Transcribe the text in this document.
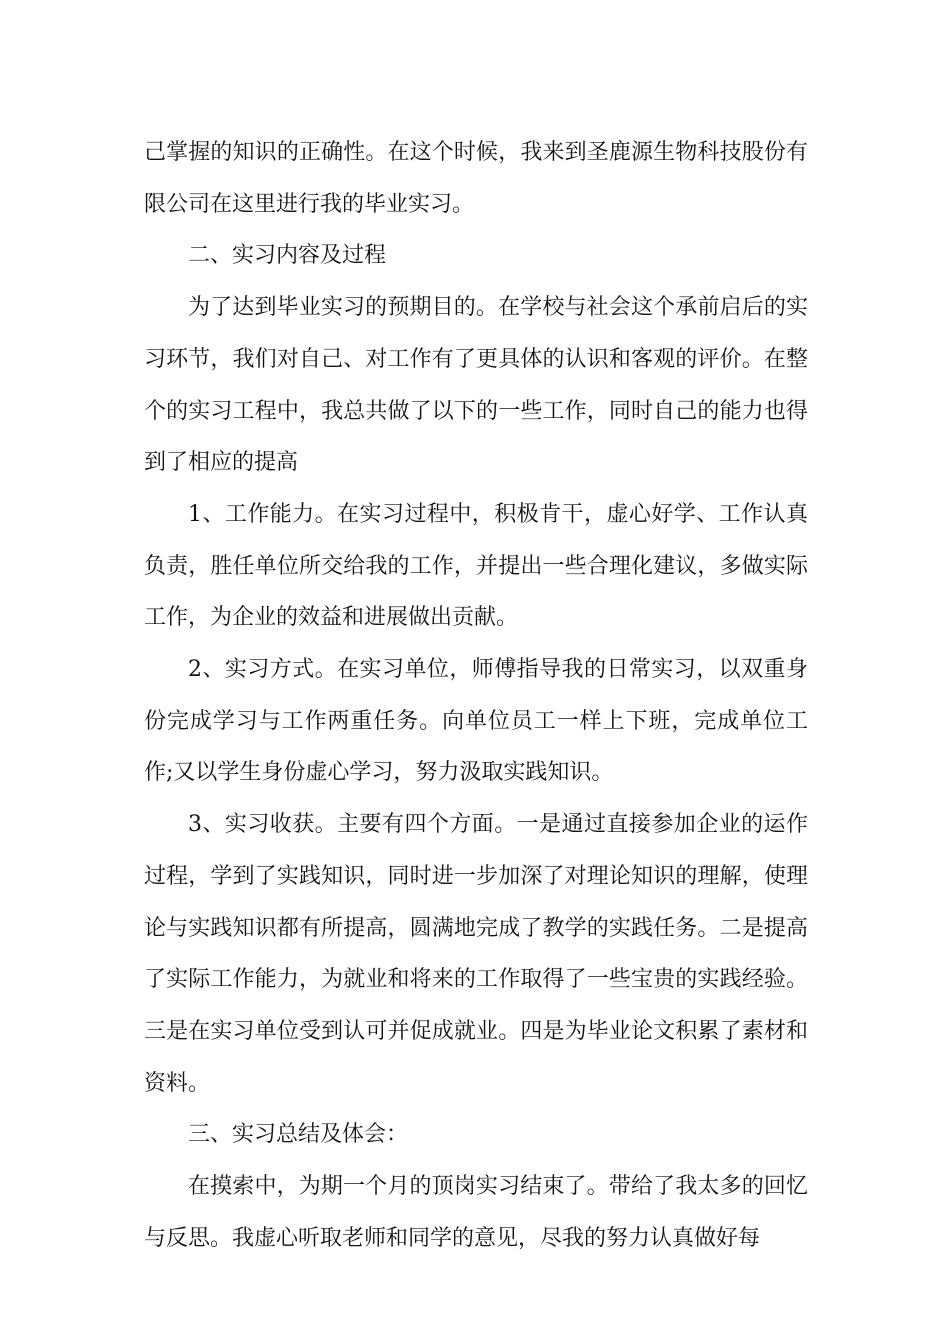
己掌握的知识的正确性。在这个时候，我来到圣鹿源生物科技股份有限公司在这里进行我的毕业实习。

二、实习内容及过程

为了达到毕业实习的预期目的。在学校与社会这个承前启后的实习环节，我们对自己、对工作有了更具体的认识和客观的评价。在整个的实习工程中，我总共做了以下的一些工作，同时自己的能力也得到了相应的提高

1、工作能力。在实习过程中，积极肯干，虚心好学、工作认真负责，胜任单位所交给我的工作，并提出一些合理化建议，多做实际工作，为企业的效益和进展做出贡献。

2、实习方式。在实习单位，师傅指导我的日常实习，以双重身份完成学习与工作两重任务。向单位员工一样上下班，完成单位工作;又以学生身份虚心学习，努力汲取实践知识。

3、实习收获。主要有四个方面。一是通过直接参加企业的运作过程，学到了实践知识，同时进一步加深了对理论知识的理解，使理论与实践知识都有所提高，圆满地完成了教学的实践任务。二是提高了实际工作能力，为就业和将来的工作取得了一些宝贵的实践经验。三是在实习单位受到认可并促成就业。四是为毕业论文积累了素材和资料。

三、实习总结及体会：

在摸索中，为期一个月的顶岗实习结束了。带给了我太多的回忆与反思。我虚心听取老师和同学的意见，尽我的努力认真做好每
